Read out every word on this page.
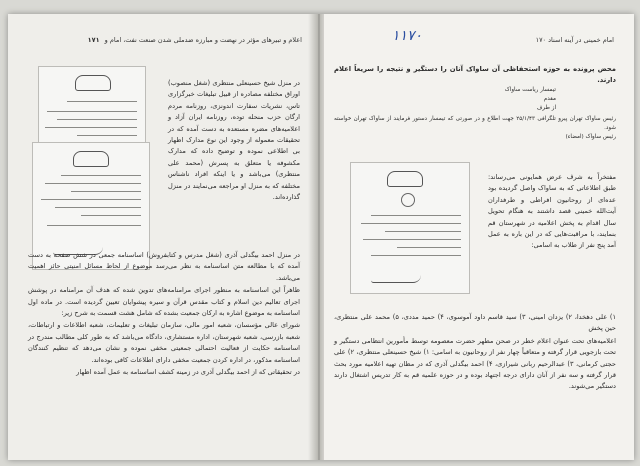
اعلام و تبیرهای مؤثر در نهضت و مبارزه ضدملی شدن صنعت نفت، امام و ۱۷۱

در منزل شیخ حسینعلی منتظری (شغل منصوب) اوراق مختلفه مصادره از قبیل تبلیغات خبرگزاری تاس، نشریات سفارت اندونزی، روزنامه مردم ارگان حزب منحله توده، روزنامه ایران آزاد و اعلامیه‌های مضره مستعده به دست آمده که در تحقیقات معموله از وجود این نوع مدارک اظهار بی اطلاعی نموده و توضیح داده که مدارک مکشوفه یا متعلق به پسرش (محمد علی منتظری) می‌باشد و یا اینکه افراد ناشناس مختلفه که به منزل او مراجعه می‌نمایند در منزل گذارده‌اند.

در منزل احمد بیگدلی آذری (شغل مدرس و کتابفروش) اساسنامه جمعی در شش صفحه به دست آمده که با مطالعه متن اساسنامه به نظر می‌رسد موضوع از لحاظ مسائل امنیتی حائز اهمیت می‌باشد.

ظاهراً این اساسنامه به منظور اجرای مرامنامه‌های تدوین شده که هدف آن مرامنامه در پوشش اجرای تعالیم دین اسلام و کتاب مقدس قرآن و سیره پیشوایان تعیین گردیده است. در ماده اول اساسنامه به موضوع اشاره به ارکان جمعیت بشده که شامل هشت قسمت به شرح زیر:

شورای عالی مؤسسان، شعبه امور مالی، سازمان تبلیغات و تعلیمات، شعبه اطلاعات و ارتباطات، شعبه بازرسی، شعبه شهرستان، اداره مستشاری، دادگاه می‌باشد که به طور کلی مطالب مندرج در اساسنامه حکایت از فعالیت احتمالی جمعیتی مخفی نموده و نشان می‌دهد که تنظیم کنندگان اساسنامه مذکور، در اداره کردن جمعیت مخفی دارای اطلاعات کافی بوده‌اند.

در تحقیقاتی که از احمد بیگدلی آذری در زمینه کشف اساسنامه به عمل آمده اظهار

امام خمینی در آینه اسناد ۱۷۰
۱۱۷۰
محض پرونده به حوزه استحفاظی آن ساواک آنان را دستگیر و نتیجه را سریعاً اعلام دارند.
تیمسار ریاست ساواک
مقدم
از طرف
رئیس ساواک تهران پیرو تلگرافی ۲۵/۱/۴۳ جهت اطلاع و در صورتی که تیمسار دستور فرمایند از ساواک تهران خواسته شود.
رئیس ساواک (امضاء)

مفتخراً به شرف عرض همایونی می‌رساند: طبق اطلاعاتی که به ساواک واصل گردیده بود عده‌ای از روحانیون افراطی و طرفداران آیت‌الله خمینی قصد داشتند به هنگام تحویل سال اقدام به پخش اعلامیه در شهرستان قم بنمایند، با مراقبت‌هایی که در این باره به عمل آمد پنج نفر از طلاب به اسامی:

۱) علی دهخدا، ۲) یزدان امینی، ۳) سید قاسم داود آموسوی، ۴) حمید مددی، ۵) محمد علی منتظری، حین پخش

اعلامیه‌های تحت عنوان اعلام خطر در صحن مطهر حضرت معصومه توسط مأمورین انتظامی دستگیر و تحت بازجویی قرار گرفته و متعاقباً چهار نفر از روحانیون به اسامی: ۱) شیخ حسینعلی منتظری، ۲) علی حجتی کرمانی، ۳) عبدالرحیم ربانی شیرازی، ۴) احمد بیگدلی آذری که در مظان تهیه اعلامیه مورد بحث قرار گرفته و سه نفر از آنان دارای درجه اجتهاد بوده و در حوزه علمیه قم به کار تدریس اشتغال دارند دستگیر می‌شوند.
